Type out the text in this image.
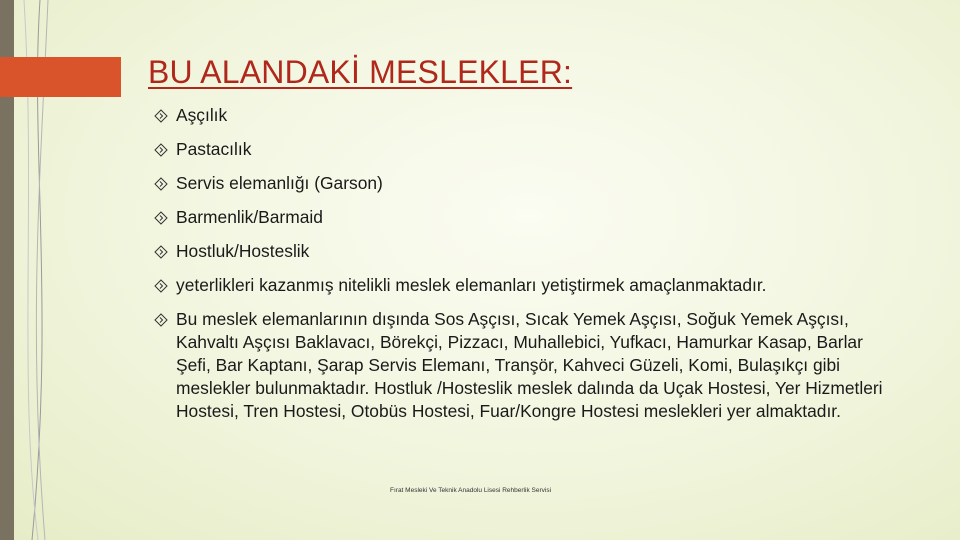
BU ALANDAKİ MESLEKLER:
Aşçılık
Pastacılık
Servis elemanlığı (Garson)
Barmenlik/Barmaid
Hostluk/Hosteslik
yeterlikleri kazanmış nitelikli meslek elemanları yetiştirmek amaçlanmaktadır.
Bu meslek elemanlarının dışında Sos Aşçısı, Sıcak Yemek Aşçısı, Soğuk Yemek Aşçısı, Kahvaltı Aşçısı Baklavacı, Börekçi, Pizzacı, Muhallebici, Yufkacı, Hamurkar Kasap, Barlar Şefi, Bar Kaptanı, Şarap Servis Elemanı, Tranşör, Kahveci Güzeli, Komi, Bulaşıkçı gibi meslekler bulunmaktadır. Hostluk /Hosteslik meslek dalında da Uçak Hostesi, Yer Hizmetleri Hostesi, Tren Hostesi, Otobüs Hostesi, Fuar/Kongre Hostesi meslekleri yer almaktadır.
Fırat Mesleki Ve Teknik Anadolu Lisesi Rehberlik Servisi
